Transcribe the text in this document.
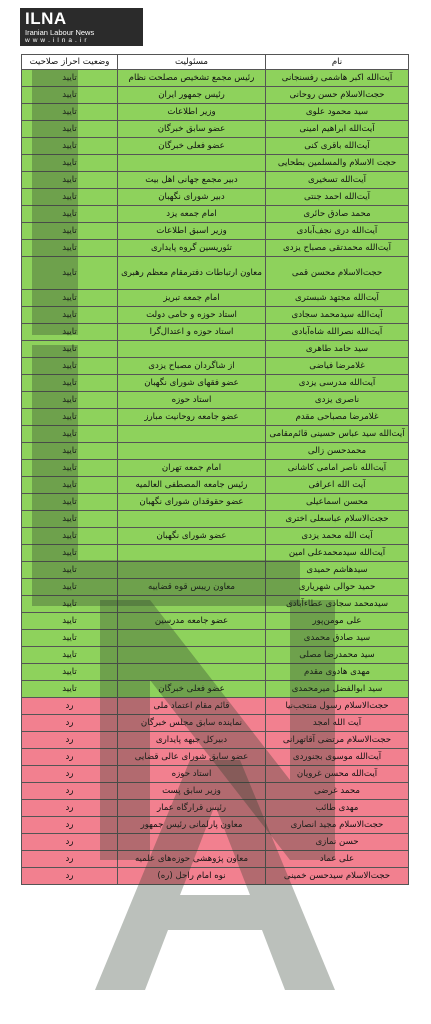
ILNA
Iranian Labour News
w w w . i l n a . i r
وضعیت احراز صلاحیت	مسئولیت	نام
تایید	رئیس مجمع تشخیص مصلحت نظام	آیت‌الله اکبر هاشمی رفسنجانی
تایید	رئیس جمهور ایران	حجت‌الاسلام حسن روحانی
تایید	وزیر اطلاعات	سید محمود علوی
تایید	عضو سابق خبرگان	آیت‌الله ابراهیم امینی
تایید	عضو فعلی خبرگان	آیت‌الله باقری کنی
تایید		حجت الاسلام والمسلمین بطحایی
تایید	دبیر مجمع جهانی اهل بیت	آیت‌الله تسخیری
تایید	دبیر شورای نگهبان	آیت‌الله احمد جنتی
تایید	امام جمعه یزد	محمد صادق حائری
تایید	وزیر اسبق اطلاعات	آیت‌الله دری نجف‌آبادی
تایید	تئوریسین گروه پایداری	آیت‌الله محمدتقی مصباح یزدی
تایید	معاون ارتباطات دفترمقام معظم رهبری	حجت‌الاسلام محسن قمی
تایید	امام جمعه تبریز	آیت‌الله مجتهد شبستری
تایید	استاد حوزه و حامی دولت	آیت‌الله سیدمحمد سجادی
تایید	استاد حوزه و اعتدال‌گرا	آیت‌الله نصرالله شاه‌آبادی
تایید		سید حامد طاهری
تایید	از شاگردان مصباح یزدی	غلامرضا فیاضی
تایید	عضو فقهای شورای نگهبان	آیت‌الله مدرسی یزدی
تایید	استاد حوزه	ناصری یزدی
تایید	عضو جامعه روحانیت مبارز	غلامرضا مصباحی مقدم
تایید		آیت‌الله سید عباس حسینی قائم‌مقامی
تایید		محمدحسن زالی
تایید	امام جمعه تهران	آیت‌الله ناصر امامی کاشانی
تایید	رئیس جامعه المصطفی العالمیه	آیت الله اعرافی
تایید	عضو حقوقدان شورای نگهبان	محسن اسماعیلی
تایید		حجت‌الاسلام عباسعلی اختری
تایید	عضو شورای نگهبان	آیت الله محمد یزدی
تایید		آیت‌الله سیدمحمدعلی امین
تایید		سیدهاشم حمیدی
تایید	معاون رییس قوه قضاییه	حمید حوالی شهریاری
تایید		سیدمحمد سجادی عطاءآبادی
تایید	عضو جامعه مدرسین	علی مومن‌پور
تایید		سید صادق محمدی
تایید		سید محمدرضا مصلی
تایید		مهدی هادوی مقدم
تایید	عضو فعلی خبرگان	سید ابوالفضل میرمحمدی
رد	قائم مقام اعتماد ملی	حجت‌الاسلام رسول منتجب‌نیا
رد	نماینده سابق مجلس خبرگان	آیت الله امجد
رد	دبیرکل جبهه پایداری	حجت‌الاسلام مرتضی آقاتهرانی
رد	عضو سابق شورای عالی قضایی	آیت‌الله موسوی بجنوردی
رد	استاد حوزه	آیت‌الله محسن غرویان
رد	وزیر سابق پست	محمد غرضی
رد	رئیس قرارگاه عمار	مهدی طائب
رد	معاون پارلمانی رئیس جمهور	حجت‌الاسلام مجید انصاری
رد		حسن نمازی
رد	معاون پژوهشی حوزه‌های علمیه	علی عماد
رد	نوه امام راحل (ره)	حجت‌الاسلام سیدحسن خمینی
